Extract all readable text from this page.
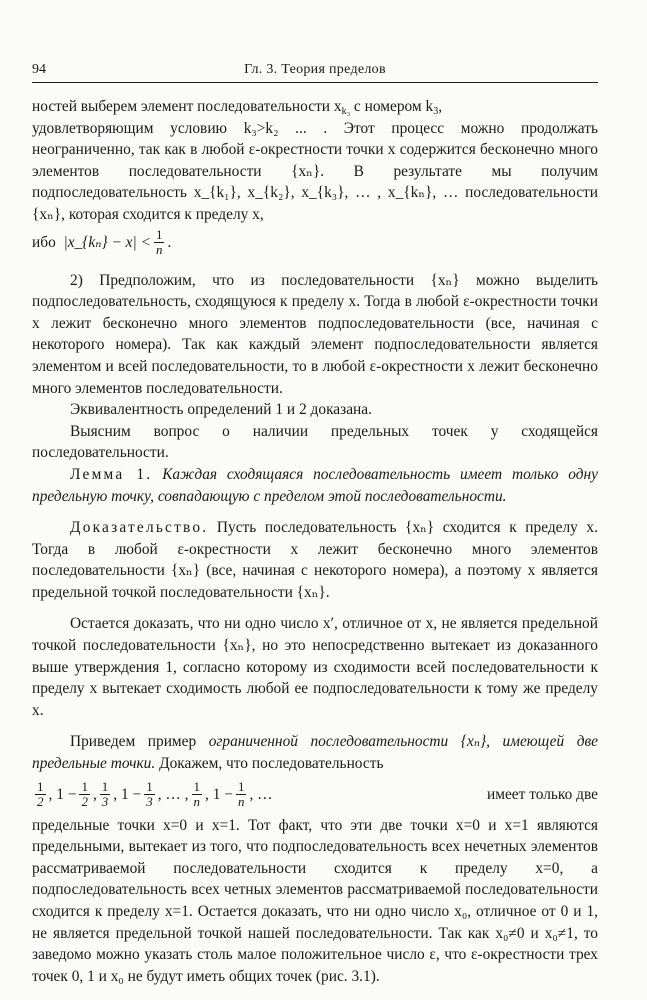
94	Гл. 3. Теория пределов

ностей выберем элемент последовательности $x_{k_3}$ с номером $k_3$,

удовлетворяющим условию k₃>k₂ ... . Этот процесс можно продолжать неограниченно, так как в любой ε-окрестности точки x содержится бесконечно много элементов последовательности {xₙ}. В результате мы получим подпоследовательность x_{k₁}, x_{k₂}, x_{k₃}, … , x_{kₙ}, … последовательности {xₙ}, которая сходится к пределу x,

ибо
|x_{kₙ} − $x| < \frac{1}{n}$ .

2) Предположим, что из последовательности {xₙ} можно выделить подпоследовательность, сходящуюся к пределу x. Тогда в любой ε-окрестности точки x лежит бесконечно много элементов подпоследовательности (все, начиная с некоторого номера). Так как каждый элемент подпоследовательности является элементом и всей последовательности, то в любой ε-окрестности x лежит бесконечно много элементов последовательности.

Эквивалентность определений 1 и 2 доказана.

Выясним вопрос о наличии предельных точек у сходящейся последовательности.

Лемма 1. Каждая сходящаяся последовательность имеет только одну предельную точку, совпадающую с пределом этой последовательности.

Доказательство. Пусть последовательность {xₙ} сходится к пределу x. Тогда в любой ε-окрестности x лежит бесконечно много элементов последовательности {xₙ} (все, начиная с некоторого номера), а поэтому x является предельной точкой последовательности {xₙ}.

Остается доказать, что ни одно число x′, отличное от x, не является предельной точкой последовательности {xₙ}, но это непосредственно вытекает из доказанного выше утверждения 1, согласно которому из сходимости всей последовательности к пределу x вытекает сходимость любой ее подпоследовательности к тому же пределу x.

Приведем пример ограниченной последовательности {xₙ}, имеющей две предельные точки. Докажем, что последовательность

$\frac{1}{2}$ , $1 - \frac{1}{2}$ , $\frac{1}{3}$ , $1 - \frac{1}{3}$ , … , $\frac{1}{n}$ , $1 - \frac{1}{n}$ , …	имеет только две

предельные точки x=0 и x=1. Тот факт, что эти две точки x=0 и x=1 являются предельными, вытекает из того, что подпоследовательность всех нечетных элементов рассматриваемой последовательности сходится к пределу x=0, а подпоследовательность всех четных элементов рассматриваемой последовательности сходится к пределу x=1. Остается доказать, что ни одно число x₀, отличное от 0 и 1, не является предельной точкой нашей последовательности. Так как x₀≠0 и x₀≠1, то заведомо можно указать столь малое положительное число ε, что ε-окрестности трех точек 0, 1 и x₀ не будут иметь общих точек (рис. 3.1).
